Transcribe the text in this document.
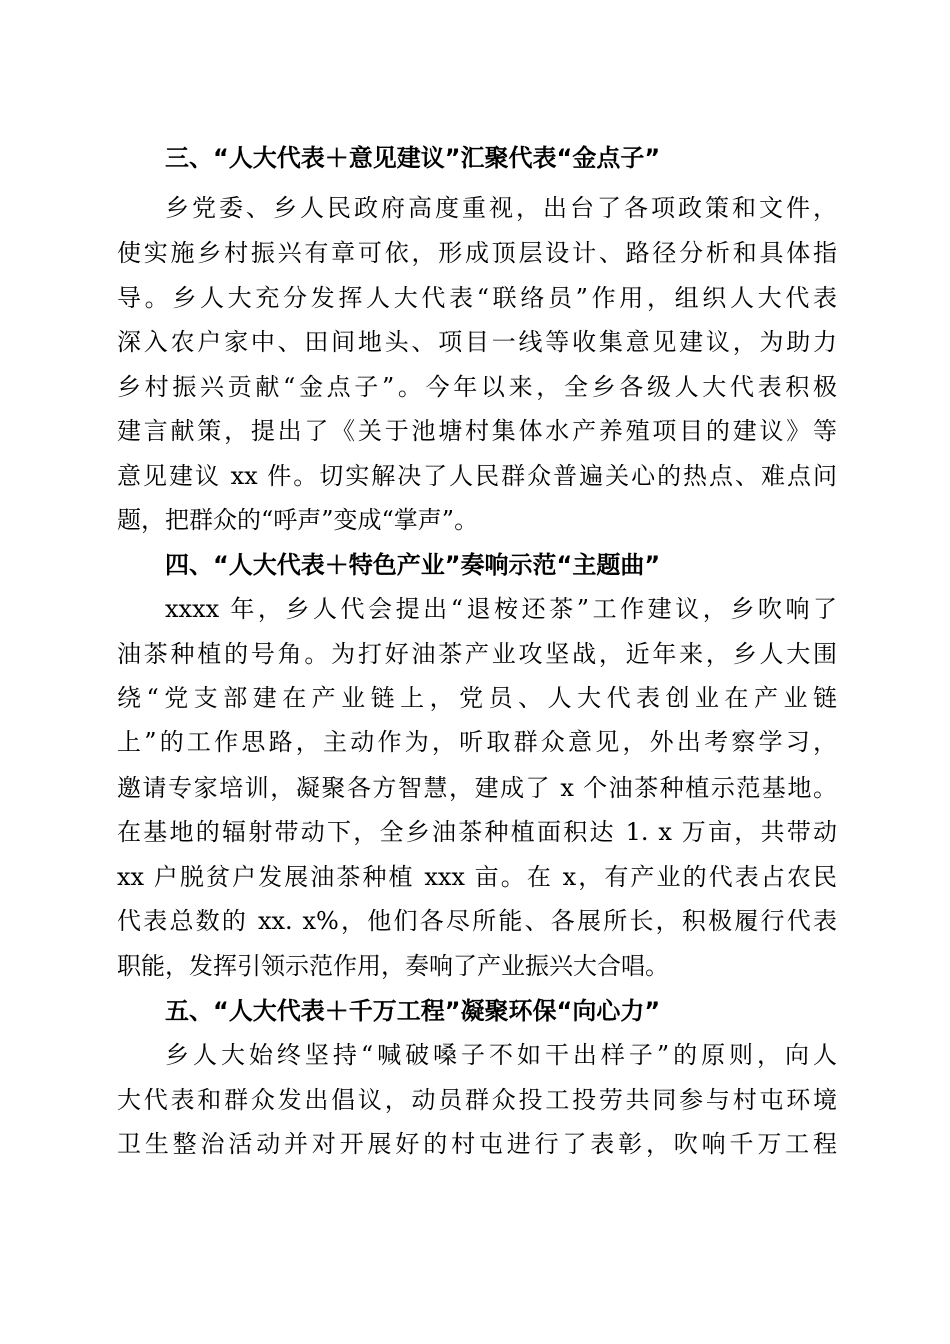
三、“人大代表＋意见建议”汇聚代表“金点子”
乡党委、乡人民政府高度重视，出台了各项政策和文件，
使实施乡村振兴有章可依，形成顶层设计、路径分析和具体指
导。乡人大充分发挥人大代表“联络员”作用，组织人大代表
深入农户家中、田间地头、项目一线等收集意见建议，为助力
乡村振兴贡献“金点子”。今年以来，全乡各级人大代表积极
建言献策，提出了《关于池塘村集体水产养殖项目的建议》等
意见建议 xx 件。切实解决了人民群众普遍关心的热点、难点问
题，把群众的“呼声”变成“掌声”。
四、“人大代表＋特色产业”奏响示范“主题曲”
xxxx 年，乡人代会提出“退桉还茶”工作建议，乡吹响了
油茶种植的号角。为打好油茶产业攻坚战，近年来，乡人大围
绕“党支部建在产业链上，党员、人大代表创业在产业链
上”的工作思路，主动作为，听取群众意见，外出考察学习，
邀请专家培训，凝聚各方智慧，建成了 x 个油茶种植示范基地。
在基地的辐射带动下，全乡油茶种植面积达 1. x 万亩，共带动
xx 户脱贫户发展油茶种植 xxx 亩。在 x，有产业的代表占农民
代表总数的 xx. x%，他们各尽所能、各展所长，积极履行代表
职能，发挥引领示范作用，奏响了产业振兴大合唱。
五、“人大代表＋千万工程”凝聚环保“向心力”
乡人大始终坚持“喊破嗓子不如干出样子”的原则，向人
大代表和群众发出倡议，动员群众投工投劳共同参与村屯环境
卫生整治活动并对开展好的村屯进行了表彰，吹响千万工程
